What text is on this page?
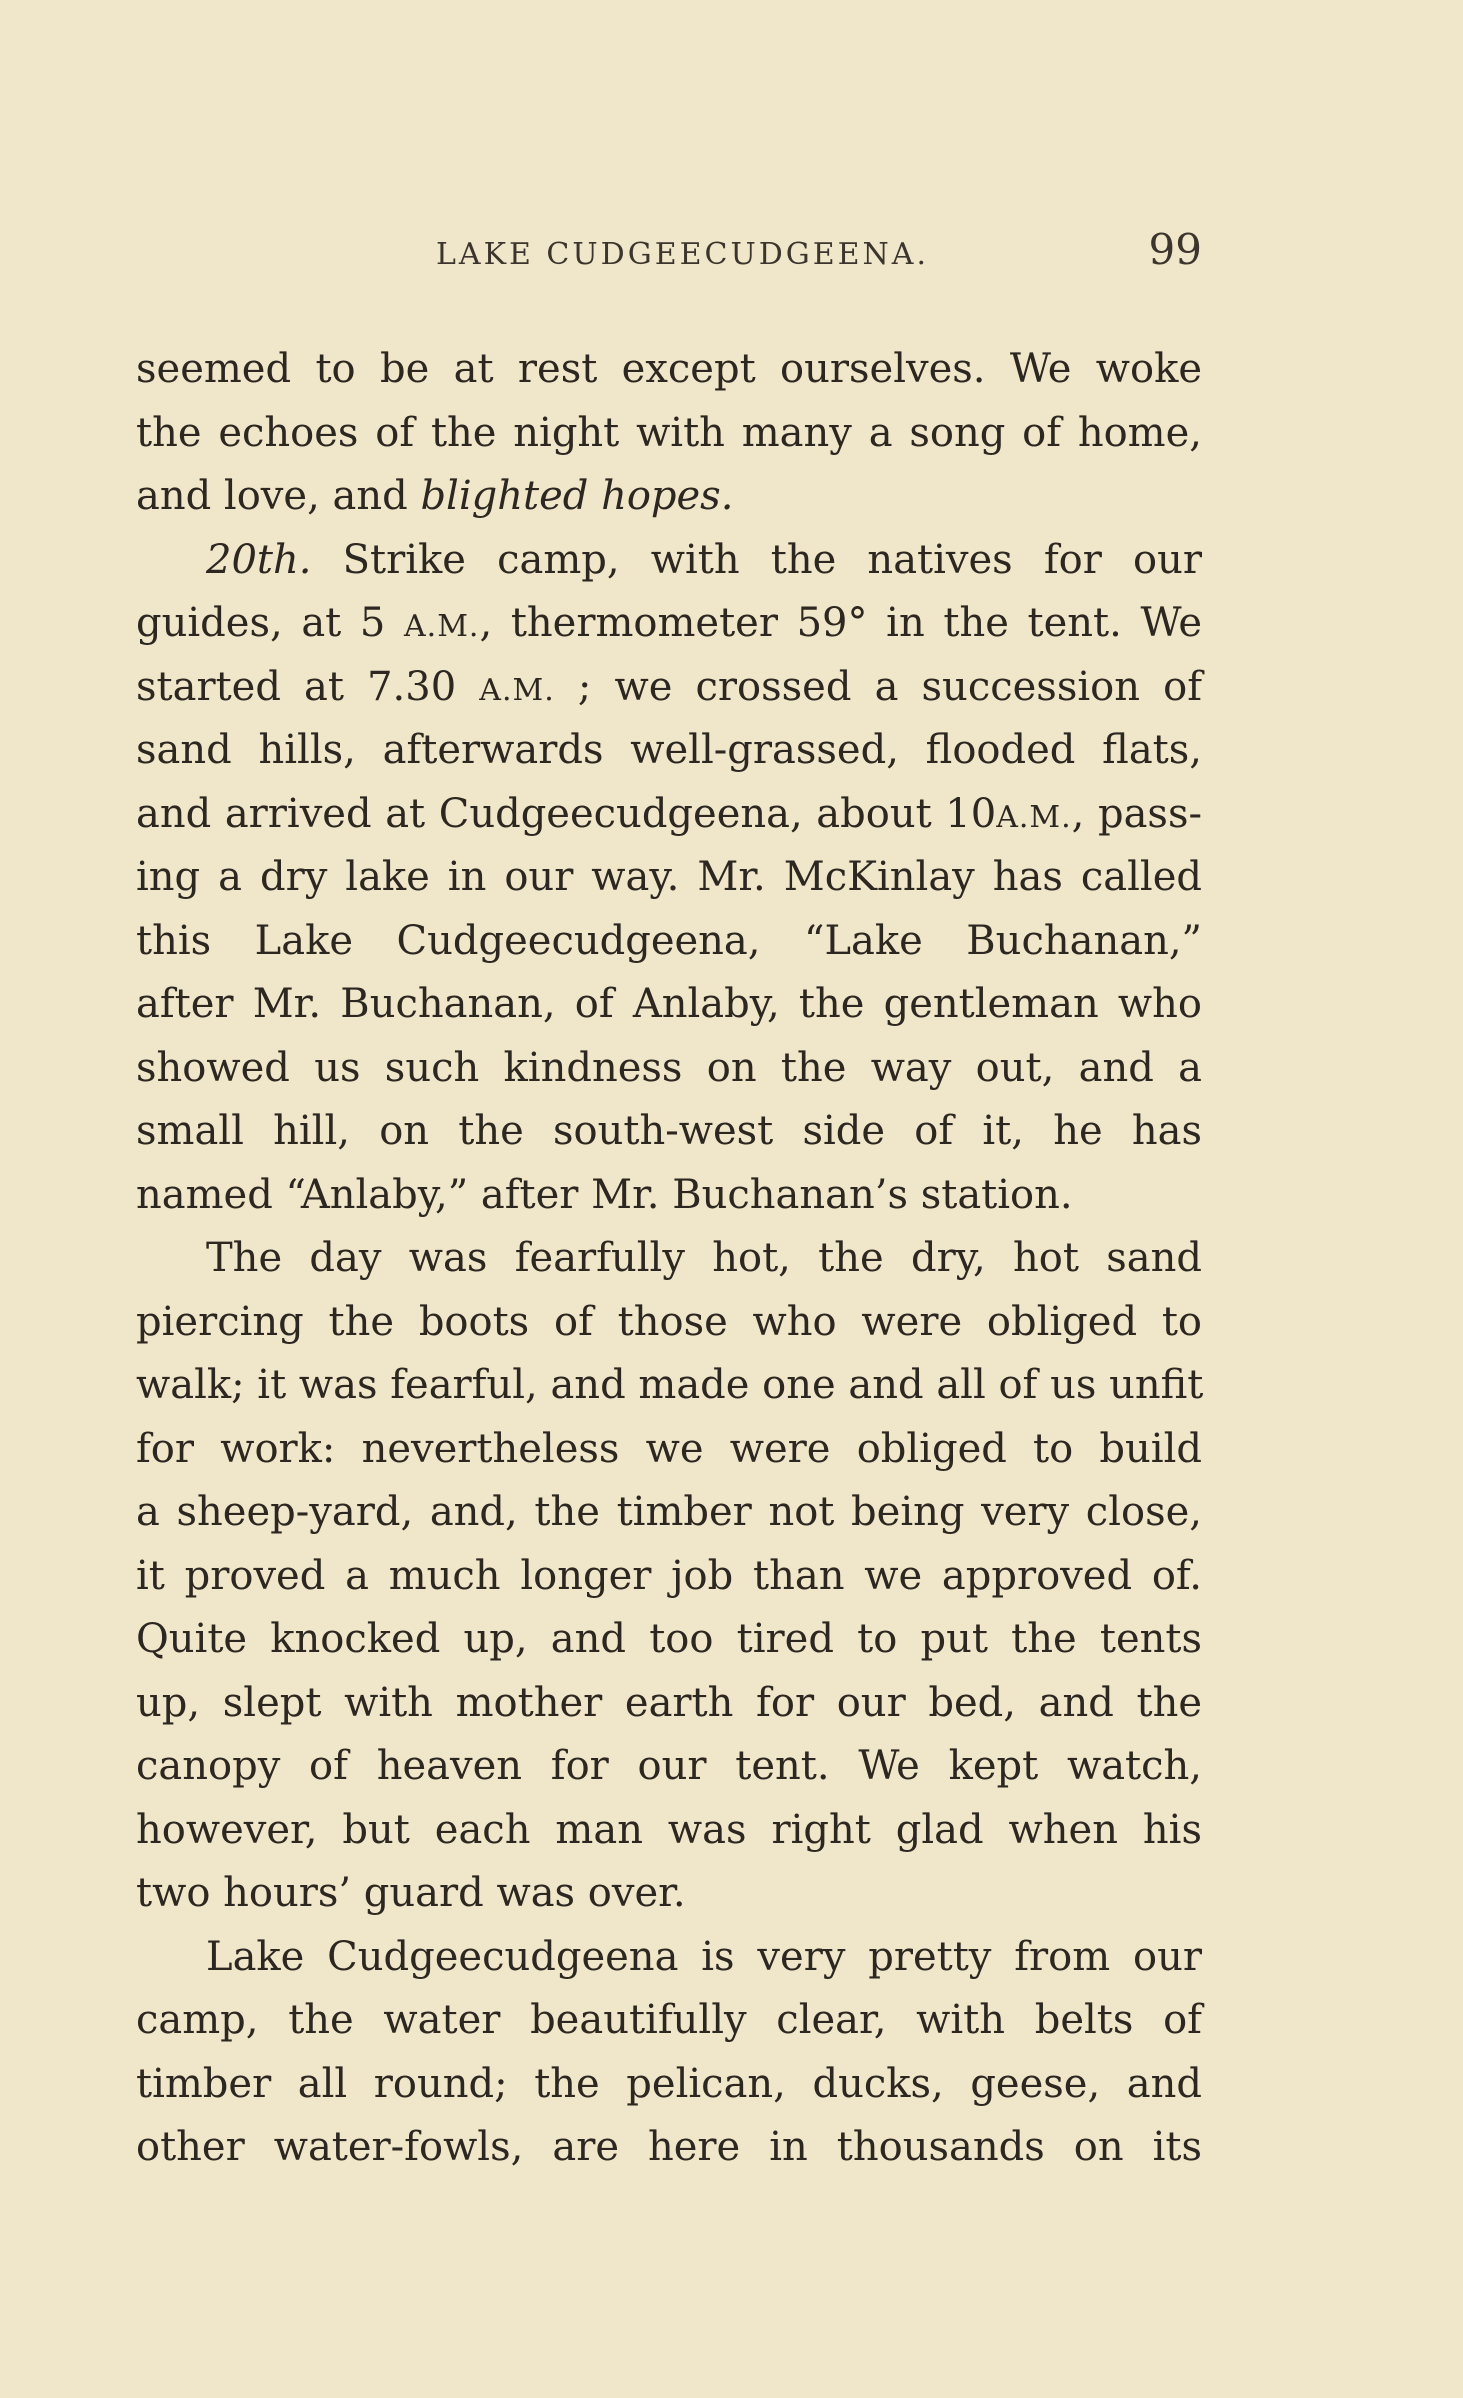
LAKE CUDGEECUDGEENA.	99
seemed to be at rest except ourselves. We woke
the echoes of the night with many a song of home,
and love, and blighted hopes.
20th. Strike camp, with the natives for our
guides, at 5 A.M., thermometer 59° in the tent. We
started at 7.30 A.M. ; we crossed a succession of
sand hills, afterwards well-grassed, flooded flats,
and arrived at Cudgeecudgeena, about 10A.M., pass-
ing a dry lake in our way. Mr. McKinlay has called
this Lake Cudgeecudgeena, “Lake Buchanan,”
after Mr. Buchanan, of Anlaby, the gentleman who
showed us such kindness on the way out, and a
small hill, on the south-west side of it, he has
named “Anlaby,” after Mr. Buchanan’s station.
The day was fearfully hot, the dry, hot sand
piercing the boots of those who were obliged to
walk; it was fearful, and made one and all of us unfit
for work: nevertheless we were obliged to build
a sheep-yard, and, the timber not being very close,
it proved a much longer job than we approved of.
Quite knocked up, and too tired to put the tents
up, slept with mother earth for our bed, and the
canopy of heaven for our tent. We kept watch,
however, but each man was right glad when his
two hours’ guard was over.
Lake Cudgeecudgeena is very pretty from our
camp, the water beautifully clear, with belts of
timber all round; the pelican, ducks, geese, and
other water-fowls, are here in thousands on its
